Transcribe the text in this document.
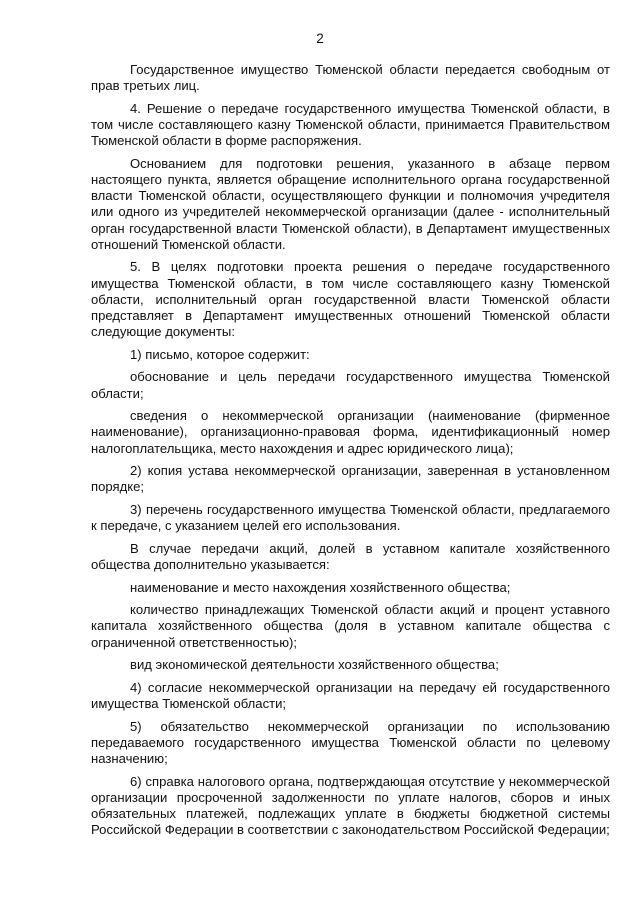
2

Государственное имущество Тюменской области передается свободным от прав третьих лиц.

4. Решение о передаче государственного имущества Тюменской области, в том числе составляющего казну Тюменской области, принимается Правительством Тюменской области в форме распоряжения.

Основанием для подготовки решения, указанного в абзаце первом настоящего пункта, является обращение исполнительного органа государственной власти Тюменской области, осуществляющего функции и полномочия учредителя или одного из учредителей некоммерческой организации (далее - исполнительный орган государственной власти Тюменской области), в Департамент имущественных отношений Тюменской области.

5. В целях подготовки проекта решения о передаче государственного имущества Тюменской области, в том числе составляющего казну Тюменской области, исполнительный орган государственной власти Тюменской области представляет в Департамент имущественных отношений Тюменской области следующие документы:

1) письмо, которое содержит:

обоснование и цель передачи государственного имущества Тюменской области;

сведения о некоммерческой организации (наименование (фирменное наименование), организационно-правовая форма, идентификационный номер налогоплательщика, место нахождения и адрес юридического лица);

2) копия устава некоммерческой организации, заверенная в установленном порядке;

3) перечень государственного имущества Тюменской области, предлагаемого к передаче, с указанием целей его использования.

В случае передачи акций, долей в уставном капитале хозяйственного общества дополнительно указывается:

наименование и место нахождения хозяйственного общества;

количество принадлежащих Тюменской области акций и процент уставного капитала хозяйственного общества (доля в уставном капитале общества с ограниченной ответственностью);

вид экономической деятельности хозяйственного общества;

4) согласие некоммерческой организации на передачу ей государственного имущества Тюменской области;

5) обязательство некоммерческой организации по использованию передаваемого государственного имущества Тюменской области по целевому назначению;

6) справка налогового органа, подтверждающая отсутствие у некоммерческой организации просроченной задолженности по уплате налогов, сборов и иных обязательных платежей, подлежащих уплате в бюджеты бюджетной системы Российской Федерации в соответствии с законодательством Российской Федерации;
